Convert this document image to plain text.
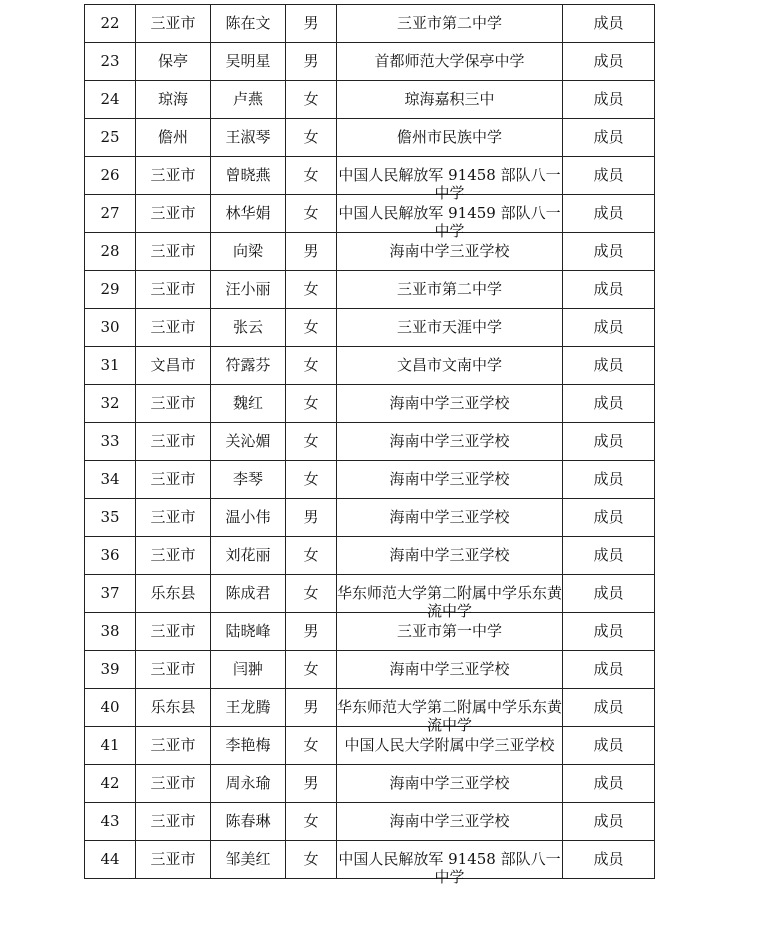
22	三亚市	陈在文	男	三亚市第二中学	成员
23	保亭	吴明星	男	首都师范大学保亭中学	成员
24	琼海	卢燕	女	琼海嘉积三中	成员
25	儋州	王淑琴	女	儋州市民族中学	成员
26	三亚市	曾晓燕	女	中国人民解放军 91458 部队八一中学	成员
27	三亚市	林华娟	女	中国人民解放军 91459 部队八一中学	成员
28	三亚市	向梁	男	海南中学三亚学校	成员
29	三亚市	汪小丽	女	三亚市第二中学	成员
30	三亚市	张云	女	三亚市天涯中学	成员
31	文昌市	符露芬	女	文昌市文南中学	成员
32	三亚市	魏红	女	海南中学三亚学校	成员
33	三亚市	关沁媚	女	海南中学三亚学校	成员
34	三亚市	李琴	女	海南中学三亚学校	成员
35	三亚市	温小伟	男	海南中学三亚学校	成员
36	三亚市	刘花丽	女	海南中学三亚学校	成员
37	乐东县	陈成君	女	华东师范大学第二附属中学乐东黄流中学	成员
38	三亚市	陆晓峰	男	三亚市第一中学	成员
39	三亚市	闫翀	女	海南中学三亚学校	成员
40	乐东县	王龙腾	男	华东师范大学第二附属中学乐东黄流中学	成员
41	三亚市	李艳梅	女	中国人民大学附属中学三亚学校	成员
42	三亚市	周永瑜	男	海南中学三亚学校	成员
43	三亚市	陈春琳	女	海南中学三亚学校	成员
44	三亚市	邹美红	女	中国人民解放军 91458 部队八一中学	成员
